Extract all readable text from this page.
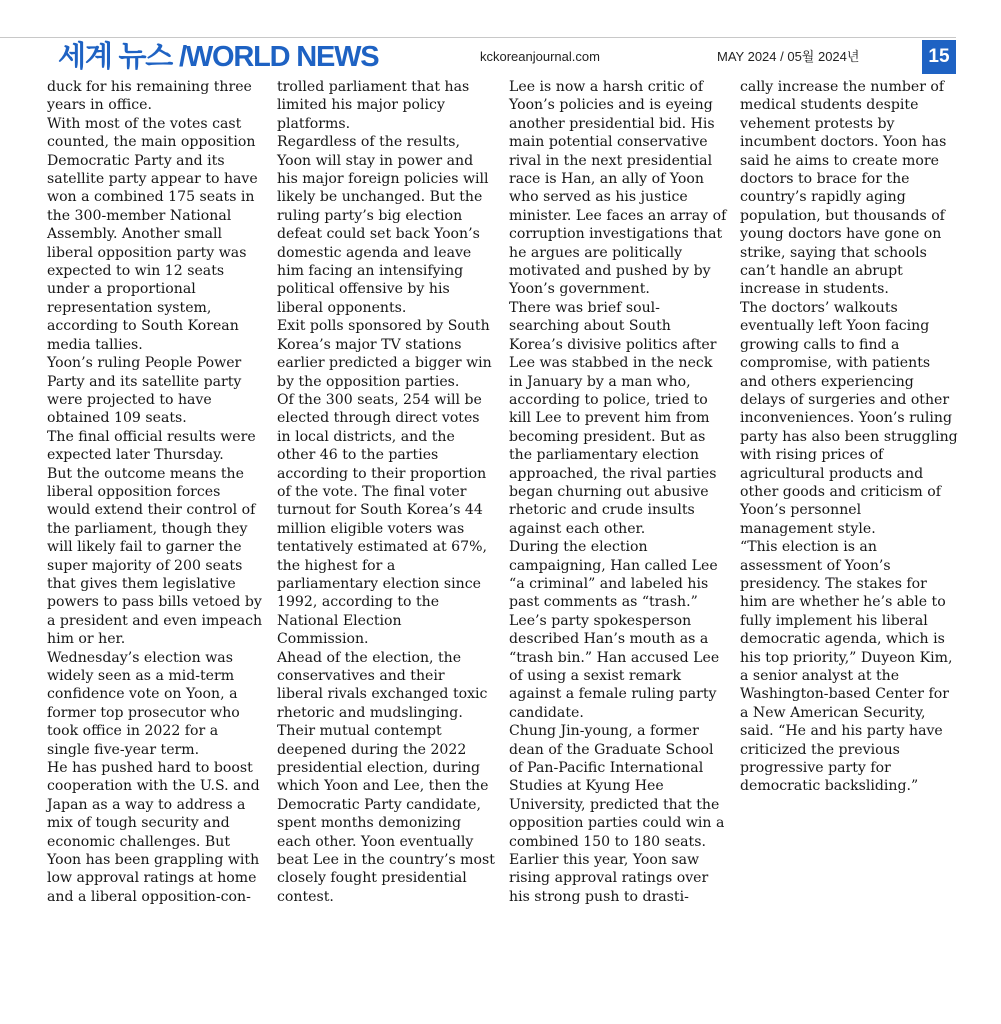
세계 뉴스 /WORLD NEWS	kckoreanjournal.com	MAY 2024 / 05월 2024년	15

duck for his remaining three years in office.

With most of the votes cast counted, the main opposition Democratic Party and its satellite party appear to have won a combined 175 seats in the 300-member National Assembly. Another small liberal opposition party was expected to win 12 seats under a proportional representation system, according to South Korean media tallies.

Yoon’s ruling People Power Party and its satellite party were projected to have obtained 109 seats.

The final official results were expected later Thursday.

But the outcome means the liberal opposition forces would extend their control of the parliament, though they will likely fail to garner the super majority of 200 seats that gives them legislative powers to pass bills vetoed by a president and even impeach him or her.

Wednesday’s election was widely seen as a mid-term confidence vote on Yoon, a former top prosecutor who took office in 2022 for a single five-year term.

He has pushed hard to boost cooperation with the U.S. and Japan as a way to address a mix of tough security and economic challenges. But Yoon has been grappling with low approval ratings at home and a liberal opposition-con-

trolled parliament that has limited his major policy platforms.

Regardless of the results, Yoon will stay in power and his major foreign policies will likely be unchanged. But the ruling party’s big election defeat could set back Yoon’s domestic agenda and leave him facing an intensifying political offensive by his liberal opponents.

Exit polls sponsored by South Korea’s major TV stations earlier predicted a bigger win by the opposition parties.

Of the 300 seats, 254 will be elected through direct votes in local districts, and the other 46 to the parties according to their proportion of the vote. The final voter turnout for South Korea’s 44 million eligible voters was tentatively estimated at 67%, the highest for a parliamentary election since 1992, according to the National Election Commission.

Ahead of the election, the conservatives and their liberal rivals exchanged toxic rhetoric and mudslinging. Their mutual contempt deepened during the 2022 presidential election, during which Yoon and Lee, then the Democratic Party candidate, spent months demonizing each other. Yoon eventually beat Lee in the country’s most closely fought presidential contest.

Lee is now a harsh critic of Yoon’s policies and is eyeing another presidential bid. His main potential conservative rival in the next presidential race is Han, an ally of Yoon who served as his justice minister. Lee faces an array of corruption investigations that he argues are politically motivated and pushed by by Yoon’s government.

There was brief soul-searching about South Korea’s divisive politics after Lee was stabbed in the neck in January by a man who, according to police, tried to kill Lee to prevent him from becoming president. But as the parliamentary election approached, the rival parties began churning out abusive rhetoric and crude insults against each other.

During the election campaigning, Han called Lee “a criminal” and labeled his past comments as “trash.” Lee’s party spokesperson described Han’s mouth as a “trash bin.” Han accused Lee of using a sexist remark against a female ruling party candidate.

Chung Jin-young, a former dean of the Graduate School of Pan-Pacific International Studies at Kyung Hee University, predicted that the opposition parties could win a combined 150 to 180 seats.

Earlier this year, Yoon saw rising approval ratings over his strong push to drasti-

cally increase the number of medical students despite vehement protests by incumbent doctors. Yoon has said he aims to create more doctors to brace for the country’s rapidly aging population, but thousands of young doctors have gone on strike, saying that schools can’t handle an abrupt increase in students.

The doctors’ walkouts eventually left Yoon facing growing calls to find a compromise, with patients and others experiencing delays of surgeries and other inconveniences. Yoon’s ruling party has also been struggling with rising prices of agricultural products and other goods and criticism of Yoon’s personnel management style.

“This election is an assessment of Yoon’s presidency. The stakes for him are whether he’s able to fully implement his liberal democratic agenda, which is his top priority,” Duyeon Kim, a senior analyst at the Washington-based Center for a New American Security, said. “He and his party have criticized the previous progressive party for democratic backsliding.”
